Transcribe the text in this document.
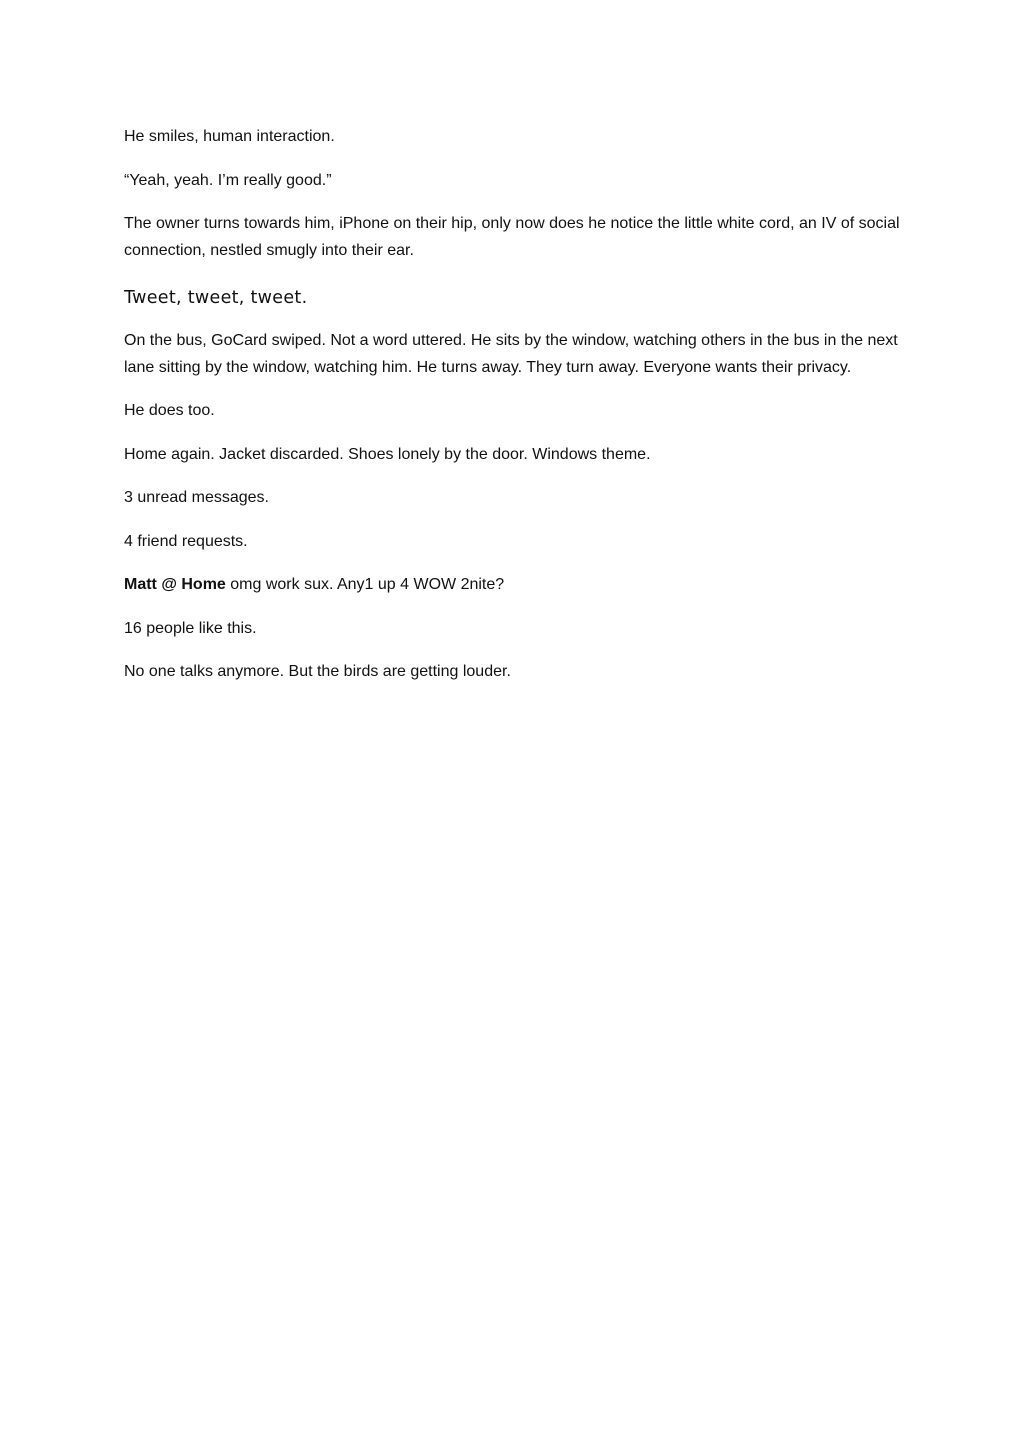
He smiles, human interaction.

“Yeah, yeah. I’m really good.”

The owner turns towards him, iPhone on their hip, only now does he notice the little white cord, an IV of social connection, nestled smugly into their ear.

Tweet, tweet, tweet.

On the bus, GoCard swiped. Not a word uttered. He sits by the window, watching others in the bus in the next lane sitting by the window, watching him. He turns away. They turn away. Everyone wants their privacy.

He does too.

Home again. Jacket discarded. Shoes lonely by the door. Windows theme.

3 unread messages.

4 friend requests.

Matt @ Home omg work sux. Any1 up 4 WOW 2nite?

16 people like this.

No one talks anymore. But the birds are getting louder.
